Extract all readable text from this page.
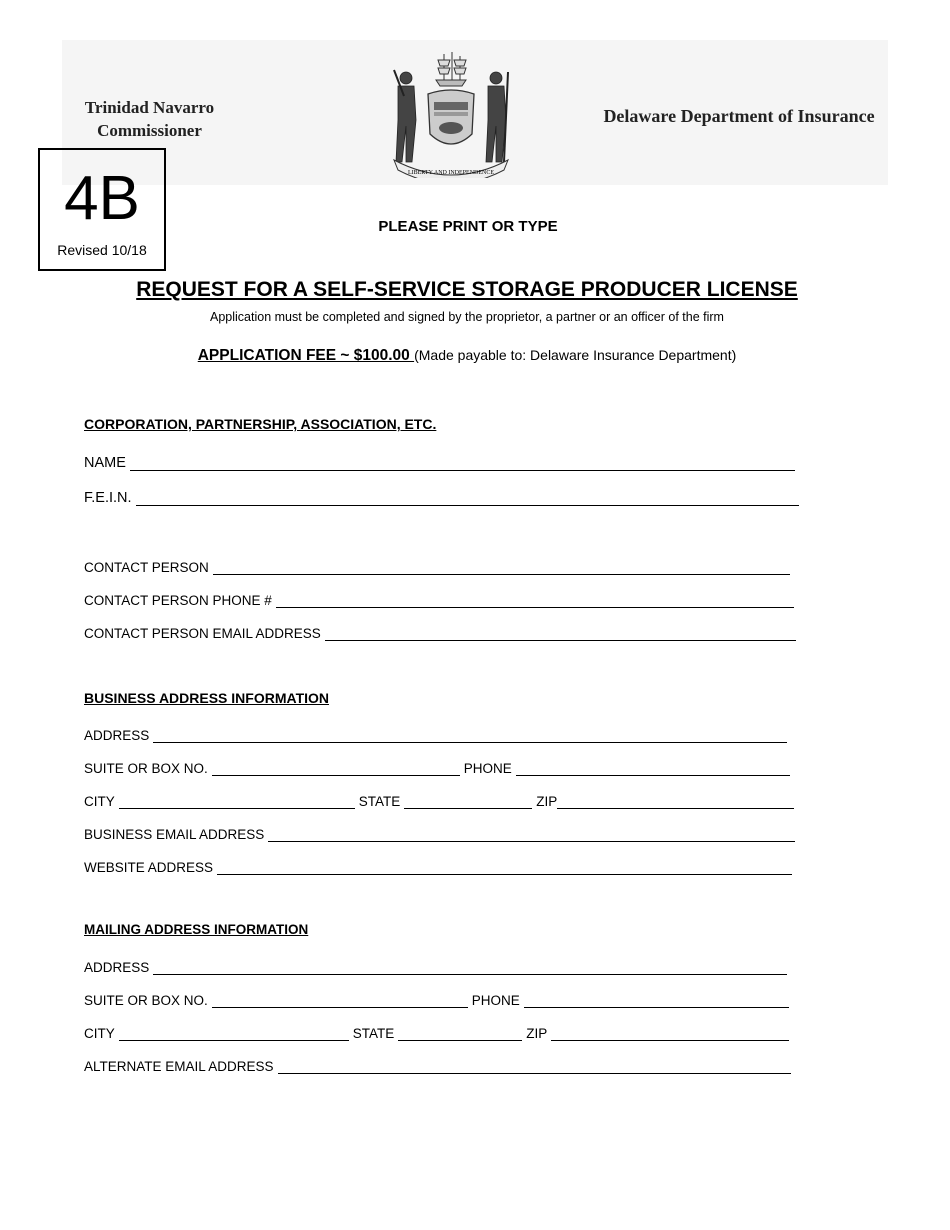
Trinidad Navarro
Commissioner
LIBERTY AND INDEPENDENCE
Delaware Department of Insurance
4B
Revised 10/18
PLEASE PRINT OR TYPE
REQUEST FOR A SELF-SERVICE STORAGE PRODUCER LICENSE
Application must be completed and signed by the proprietor, a partner or an officer of the firm
APPLICATION FEE ~ $100.00 (Made payable to: Delaware Insurance Department)
CORPORATION, PARTNERSHIP, ASSOCIATION, ETC.
NAME
F.E.I.N.
CONTACT PERSON
CONTACT PERSON PHONE #
CONTACT PERSON EMAIL ADDRESS
BUSINESS ADDRESS INFORMATION
ADDRESS
SUITE OR BOX NO.	PHONE
CITY	STATE	ZIP
BUSINESS EMAIL ADDRESS
WEBSITE ADDRESS
MAILING ADDRESS INFORMATION
ADDRESS
SUITE OR BOX NO.	PHONE
CITY	STATE	ZIP
ALTERNATE EMAIL ADDRESS
